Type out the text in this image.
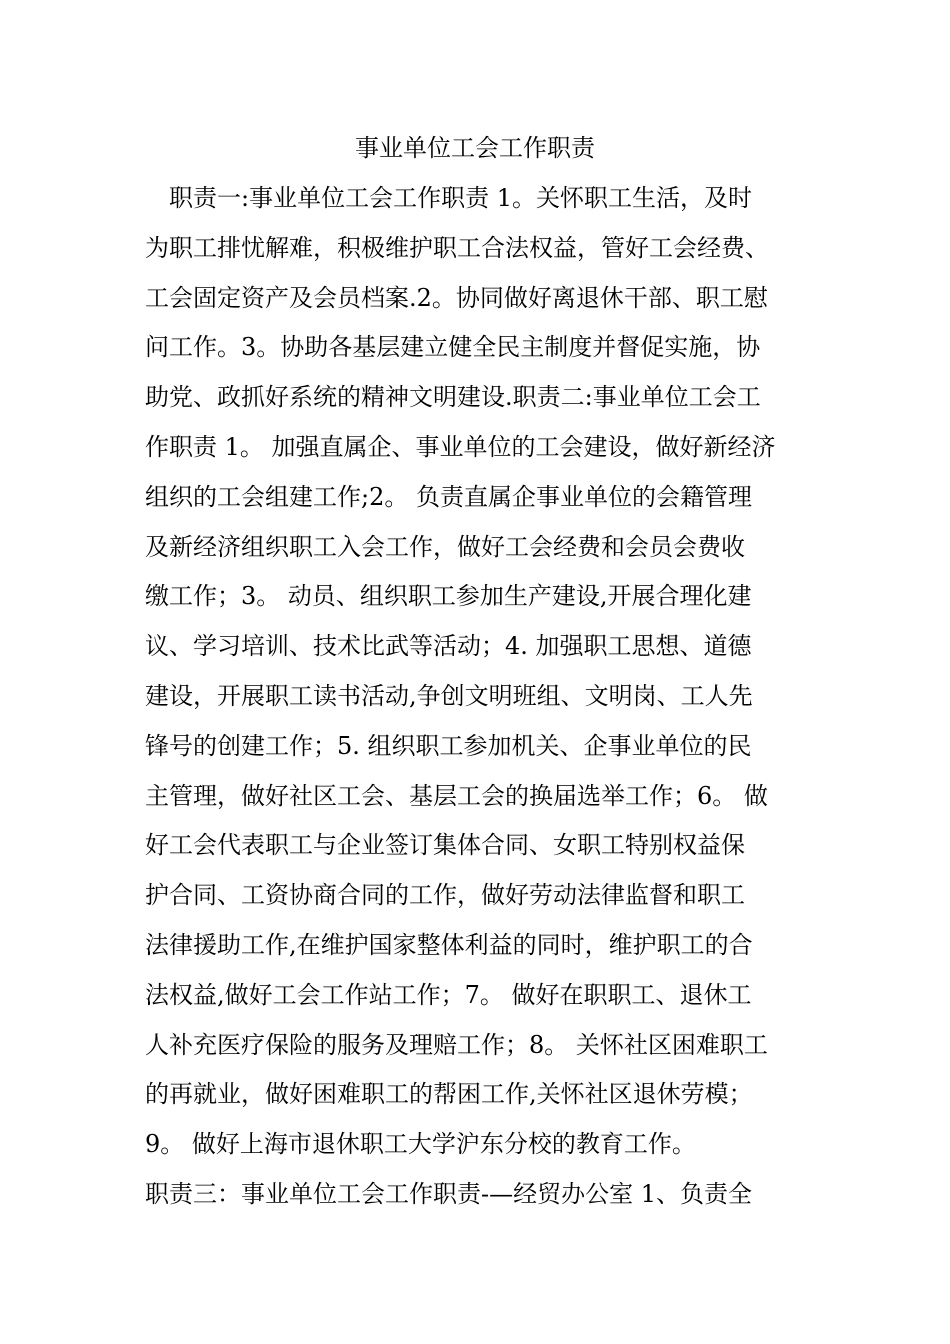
事业单位工会工作职责
职责一:事业单位工会工作职责 1。关怀职工生活，及时
为职工排忧解难，积极维护职工合法权益，管好工会经费、
工会固定资产及会员档案.2。协同做好离退休干部、职工慰
问工作。3。协助各基层建立健全民主制度并督促实施，协
助党、政抓好系统的精神文明建设.职责二:事业单位工会工
作职责 1。 加强直属企、事业单位的工会建设，做好新经济
组织的工会组建工作;2。 负责直属企事业单位的会籍管理
及新经济组织职工入会工作，做好工会经费和会员会费收
缴工作；3。 动员、组织职工参加生产建设,开展合理化建
议、学习培训、技术比武等活动；4. 加强职工思想、道德
建设，开展职工读书活动,争创文明班组、文明岗、工人先
锋号的创建工作；5. 组织职工参加机关、企事业单位的民
主管理，做好社区工会、基层工会的换届选举工作；6。 做
好工会代表职工与企业签订集体合同、女职工特别权益保
护合同、工资协商合同的工作，做好劳动法律监督和职工
法律援助工作,在维护国家整体利益的同时，维护职工的合
法权益,做好工会工作站工作；7。 做好在职职工、退休工
人补充医疗保险的服务及理赔工作；8。 关怀社区困难职工
的再就业，做好困难职工的帮困工作,关怀社区退休劳模；
9。 做好上海市退休职工大学沪东分校的教育工作。
职责三：事业单位工会工作职责-—经贸办公室 1、负责全
